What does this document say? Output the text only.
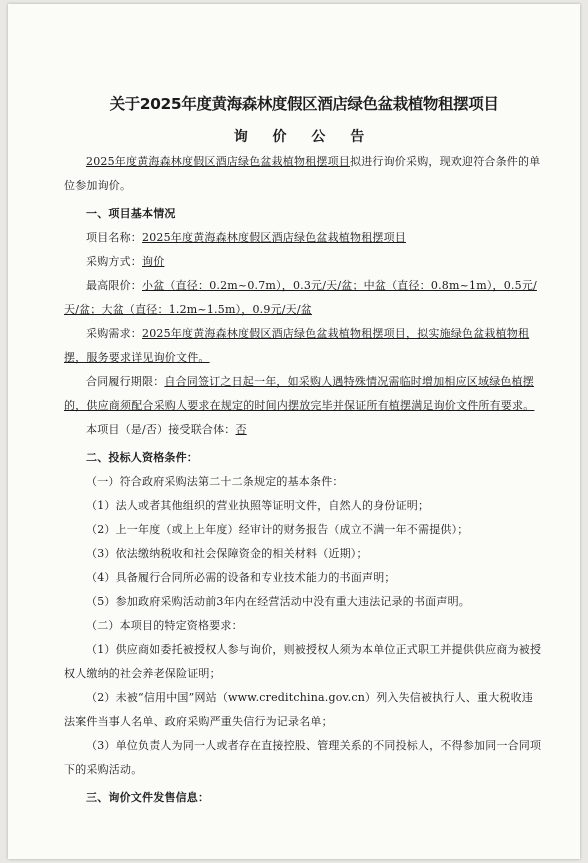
关于2025年度黄海森林度假区酒店绿色盆栽植物租摆项目
询 价 公 告

2025年度黄海森林度假区酒店绿色盆栽植物租摆项目拟进行询价采购，现欢迎符合条件的单位参加询价。

一、项目基本情况

项目名称：2025年度黄海森林度假区酒店绿色盆栽植物租摆项目

采购方式：询价

最高限价：小盆（直径：0.2m~0.7m），0.3元/天/盆；中盆（直径：0.8m~1m），0.5元/天/盆；大盆（直径：1.2m~1.5m），0.9元/天/盆

采购需求：2025年度黄海森林度假区酒店绿色盆栽植物租摆项目，拟实施绿色盆栽植物租摆，服务要求详见询价文件。

合同履行期限：自合同签订之日起一年，如采购人遇特殊情况需临时增加相应区域绿色植摆的，供应商须配合采购人要求在规定的时间内摆放完毕并保证所有植摆满足询价文件所有要求。

本项目（是/否）接受联合体：否

二、投标人资格条件：

（一）符合政府采购法第二十二条规定的基本条件：

（1）法人或者其他组织的营业执照等证明文件，自然人的身份证明；

（2）上一年度（或上上年度）经审计的财务报告（成立不满一年不需提供）；

（3）依法缴纳税收和社会保障资金的相关材料（近期）；

（4）具备履行合同所必需的设备和专业技术能力的书面声明；

（5）参加政府采购活动前3年内在经营活动中没有重大违法记录的书面声明。

（二）本项目的特定资格要求：

（1）供应商如委托被授权人参与询价，则被授权人须为本单位正式职工并提供供应商为被授权人缴纳的社会养老保险证明；

（2）未被“信用中国”网站（www.creditchina.gov.cn）列入失信被执行人、重大税收违法案件当事人名单、政府采购严重失信行为记录名单；

（3）单位负责人为同一人或者存在直接控股、管理关系的不同投标人，不得参加同一合同项下的采购活动。

三、询价文件发售信息：
